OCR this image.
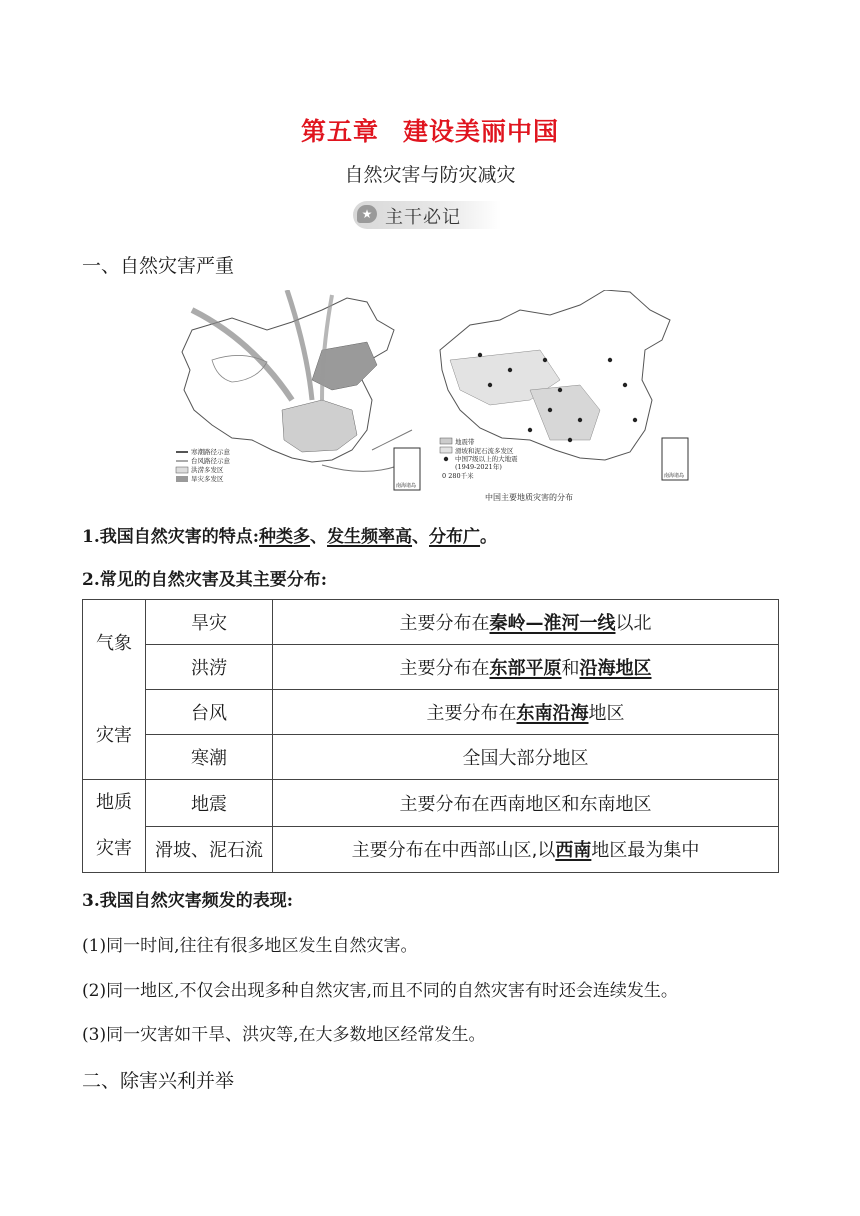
第五章 建设美丽中国
自然灾害与防灾减灾
★ 主干必记
一、自然灾害严重
南海诸岛
寒潮路径示意
台风路径示意
洪涝多发区
旱灾多发区	南海诸岛
地震带
滑坡和泥石流多发区
中国7级以上的大地震
(1949-2021年)
0 280千米
中国主要地质灾害的分布
1.我国自然灾害的特点:种类多、发生频率高、分布广。
2.常见的自然灾害及其主要分布:
气象

灾害	旱灾	主要分布在秦岭—淮河一线以北
	洪涝	主要分布在东部平原和沿海地区
	台风	主要分布在东南沿海地区
	寒潮	全国大部分地区
地质
灾害	地震	主要分布在西南地区和东南地区
	滑坡、泥石流	主要分布在中西部山区,以西南地区最为集中
3.我国自然灾害频发的表现:
(1)同一时间,往往有很多地区发生自然灾害。
(2)同一地区,不仅会出现多种自然灾害,而且不同的自然灾害有时还会连续发生。
(3)同一灾害如干旱、洪灾等,在大多数地区经常发生。
二、除害兴利并举
